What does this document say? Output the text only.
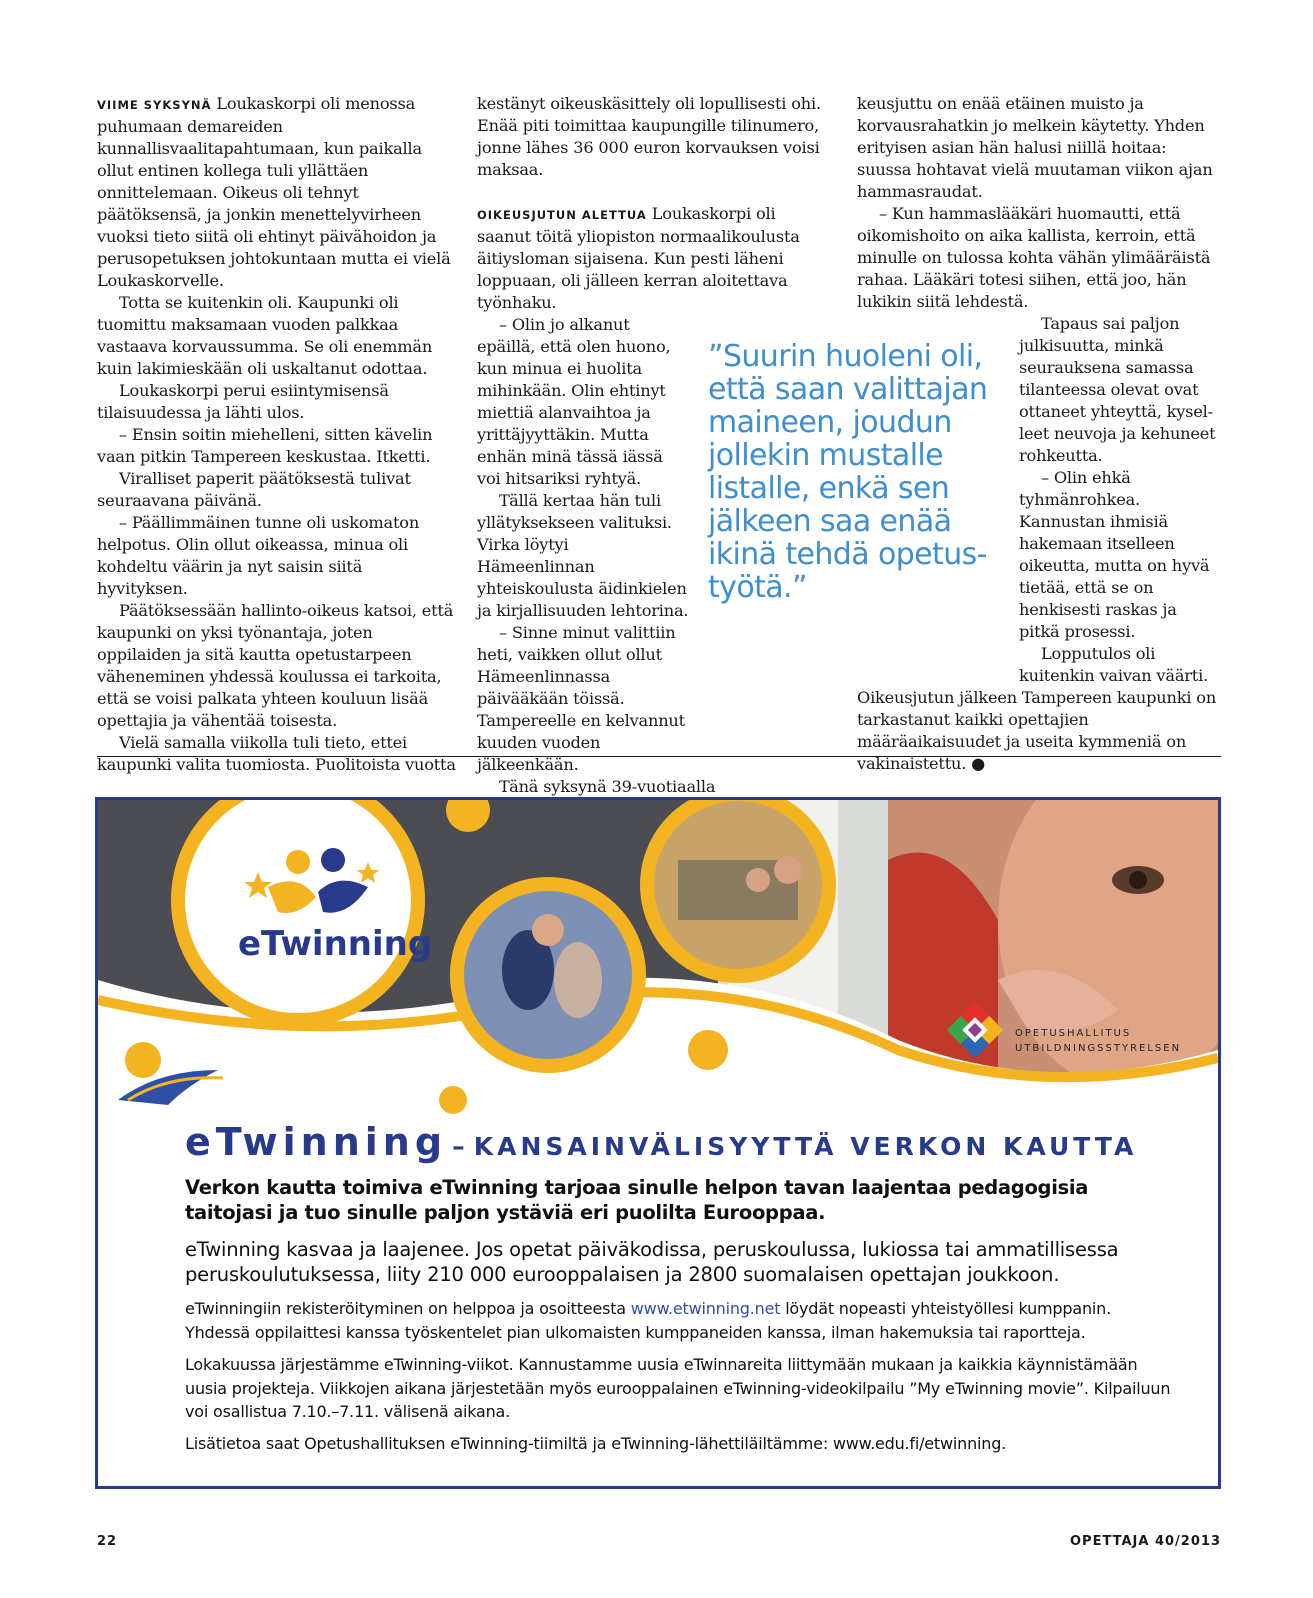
VIIME SYKSYNÄ Loukaskorpi oli menossa puhumaan demareiden kunnallisvaalitapahtumaan, kun paikalla ollut entinen kollega tuli yllättäen onnittelemaan. Oikeus oli tehnyt päätöksensä, ja jonkin menettelyvirheen vuoksi tieto siitä oli ehtinyt päivähoidon ja perusopetuksen johtokuntaan mutta ei vielä Loukaskorvelle.

Totta se kuitenkin oli. Kaupunki oli tuomittu maksamaan vuoden palkkaa vastaava korvaussumma. Se oli enemmän kuin lakimieskään oli uskaltanut odottaa.

Loukaskorpi perui esiintymisensä tilaisuudessa ja lähti ulos.

– Ensin soitin miehelleni, sitten kävelin vaan pitkin Tampereen keskustaa. Itketti.

Viralliset paperit päätöksestä tulivat seuraavana päivänä.

– Päällimmäinen tunne oli uskomaton helpotus. Olin ollut oikeassa, minua oli kohdeltu väärin ja nyt saisin siitä hyvityksen.

Päätöksessään hallinto-oikeus katsoi, että kaupunki on yksi työnantaja, joten oppilaiden ja sitä kautta opetustarpeen väheneminen yhdessä koulussa ei tarkoita, että se voisi palkata yhteen kouluun lisää opettajia ja vähentää toisesta.

Vielä samalla viikolla tuli tieto, ettei kaupunki valita tuomiosta. Puolitoista vuotta

kestänyt oikeuskäsittely oli lopullisesti ohi. Enää piti toimittaa kaupungille tilinumero, jonne lähes 36 000 euron korvauksen voisi maksaa.

OIKEUSJUTUN ALETTUA Loukaskorpi oli saanut töitä yliopiston normaalikoulusta äitiysloman sijaisena. Kun pesti läheni loppuaan, oli jälleen kerran aloitettava työnhaku.

– Olin jo alkanut epäillä, että olen huono, kun minua ei huolita mihinkään. Olin ehtinyt miettiä alanvaihtoa ja yrittäjyyttäkin. Mutta enhän minä tässä iässä voi hitsariksi ryhtyä.

Tällä kertaa hän tuli yllätyksekseen valituksi. Virka löytyi Hämeenlinnan yhteiskoulusta äidinkielen ja kirjallisuuden lehtorina.

– Sinne minut valittiin heti, vaikken ollut ollut Hämeenlinnassa päivääkään töissä. Tampereelle en kelvannut kuuden vuoden jälkeenkään.

Tänä syksynä 39-vuotiaalla

”Suurin huoleni oli, että saan valittajan maineen, joudun jollekin mustalle listalle, enkä sen jälkeen saa enää ikinä tehdä opetustyötä.”

keusjuttu on enää etäinen muisto ja korvausrahatkin jo melkein käytetty. Yhden erityisen asian hän halusi niillä hoitaa: suussa hohtavat vielä muutaman viikon ajan hammasraudat.

– Kun hammaslääkäri huomautti, että oikomishoito on aika kallista, kerroin, että minulle on tulossa kohta vähän ylimääräistä rahaa. Lääkäri totesi siihen, että joo, hän lukikin siitä lehdestä.

Tapaus sai paljon julkisuutta, minkä seurauksena samassa tilanteessa olevat ovat ottaneet yhteyttä, kyselleet neuvoja ja kehuneet rohkeutta.

– Olin ehkä tyhmänrohkea. Kannustan ihmisiä hakemaan itselleen oikeutta, mutta on hyvä tietää, että se on henkisesti raskas ja pitkä prosessi.

Lopputulos oli kuitenkin vaivan väärti.

Oikeusjutun jälkeen Tampereen kaupunki on tarkastanut kaikki opettajien määräaikaisuudet ja useita kymmeniä on vakinaistettu. ●

eTwinning
OPETUSHALLITUS
UTBILDNINGSSTYRELSEN
eTwinning – KANSAINVÄLISYYTTÄ VERKON KAUTTA
Verkon kautta toimiva eTwinning tarjoaa sinulle helpon tavan laajentaa pedagogisia taitojasi ja tuo sinulle paljon ystäviä eri puolilta Eurooppaa.
eTwinning kasvaa ja laajenee. Jos opetat päiväkodissa, peruskoulussa, lukiossa tai ammatillisessa peruskoulutuksessa, liity 210 000 eurooppalaisen ja 2800 suomalaisen opettajan joukkoon.
eTwinningiin rekisteröityminen on helppoa ja osoitteesta www.etwinning.net löydät nopeasti yhteistyöllesi kumppanin. Yhdessä oppilaittesi kanssa työskentelet pian ulkomaisten kumppaneiden kanssa, ilman hakemuksia tai raportteja.
Lokakuussa järjestämme eTwinning-viikot. Kannustamme uusia eTwinnareita liittymään mukaan ja kaikkia käynnistämään uusia projekteja. Viikkojen aikana järjestetään myös eurooppalainen eTwinning-videokilpailu ”My eTwinning movie”. Kilpailuun voi osallistua 7.10.–7.11. välisenä aikana.
Lisätietoa saat Opetushallituksen eTwinning-tiimiltä ja eTwinning-lähettiläiltämme: www.edu.fi/etwinning.
22	OPETTAJA 40/2013
